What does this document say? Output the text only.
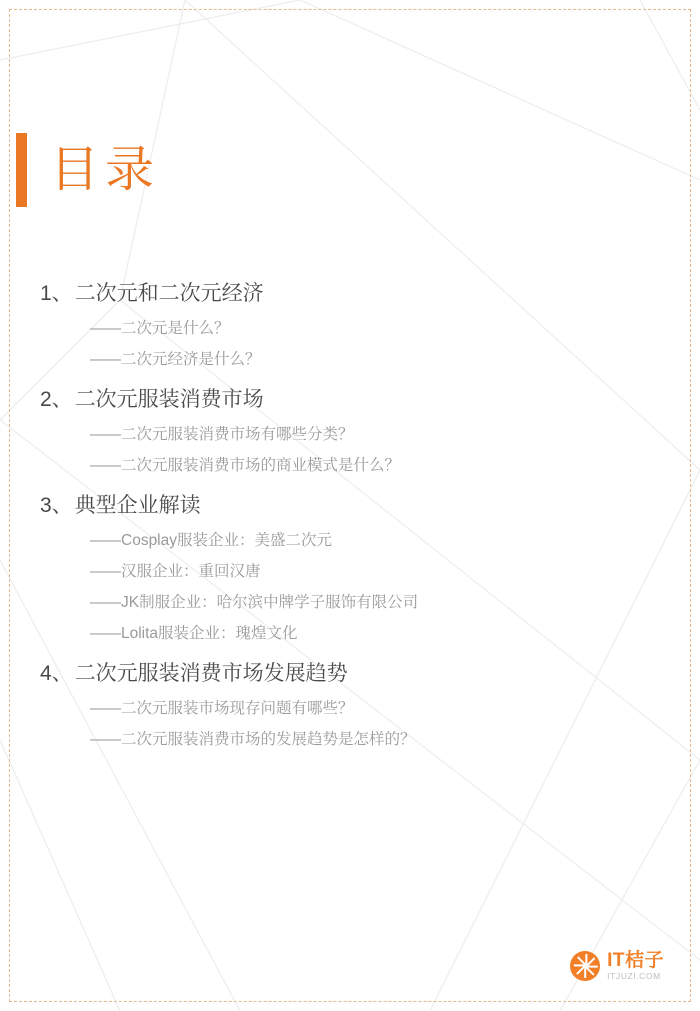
目录
1、 二次元和二次元经济
——二次元是什么？
——二次元经济是什么？
2、 二次元服装消费市场
——二次元服装消费市场有哪些分类？
——二次元服装消费市场的商业模式是什么？
3、 典型企业解读
——Cosplay服装企业：美盛二次元
——汉服企业：重回汉唐
——JK制服企业：哈尔滨中牌学子服饰有限公司
——Lolita服装企业：瑰煌文化
4、 二次元服装消费市场发展趋势
——二次元服装市场现存问题有哪些？
——二次元服装消费市场的发展趋势是怎样的？
IT桔子
ITJUZI.COM
